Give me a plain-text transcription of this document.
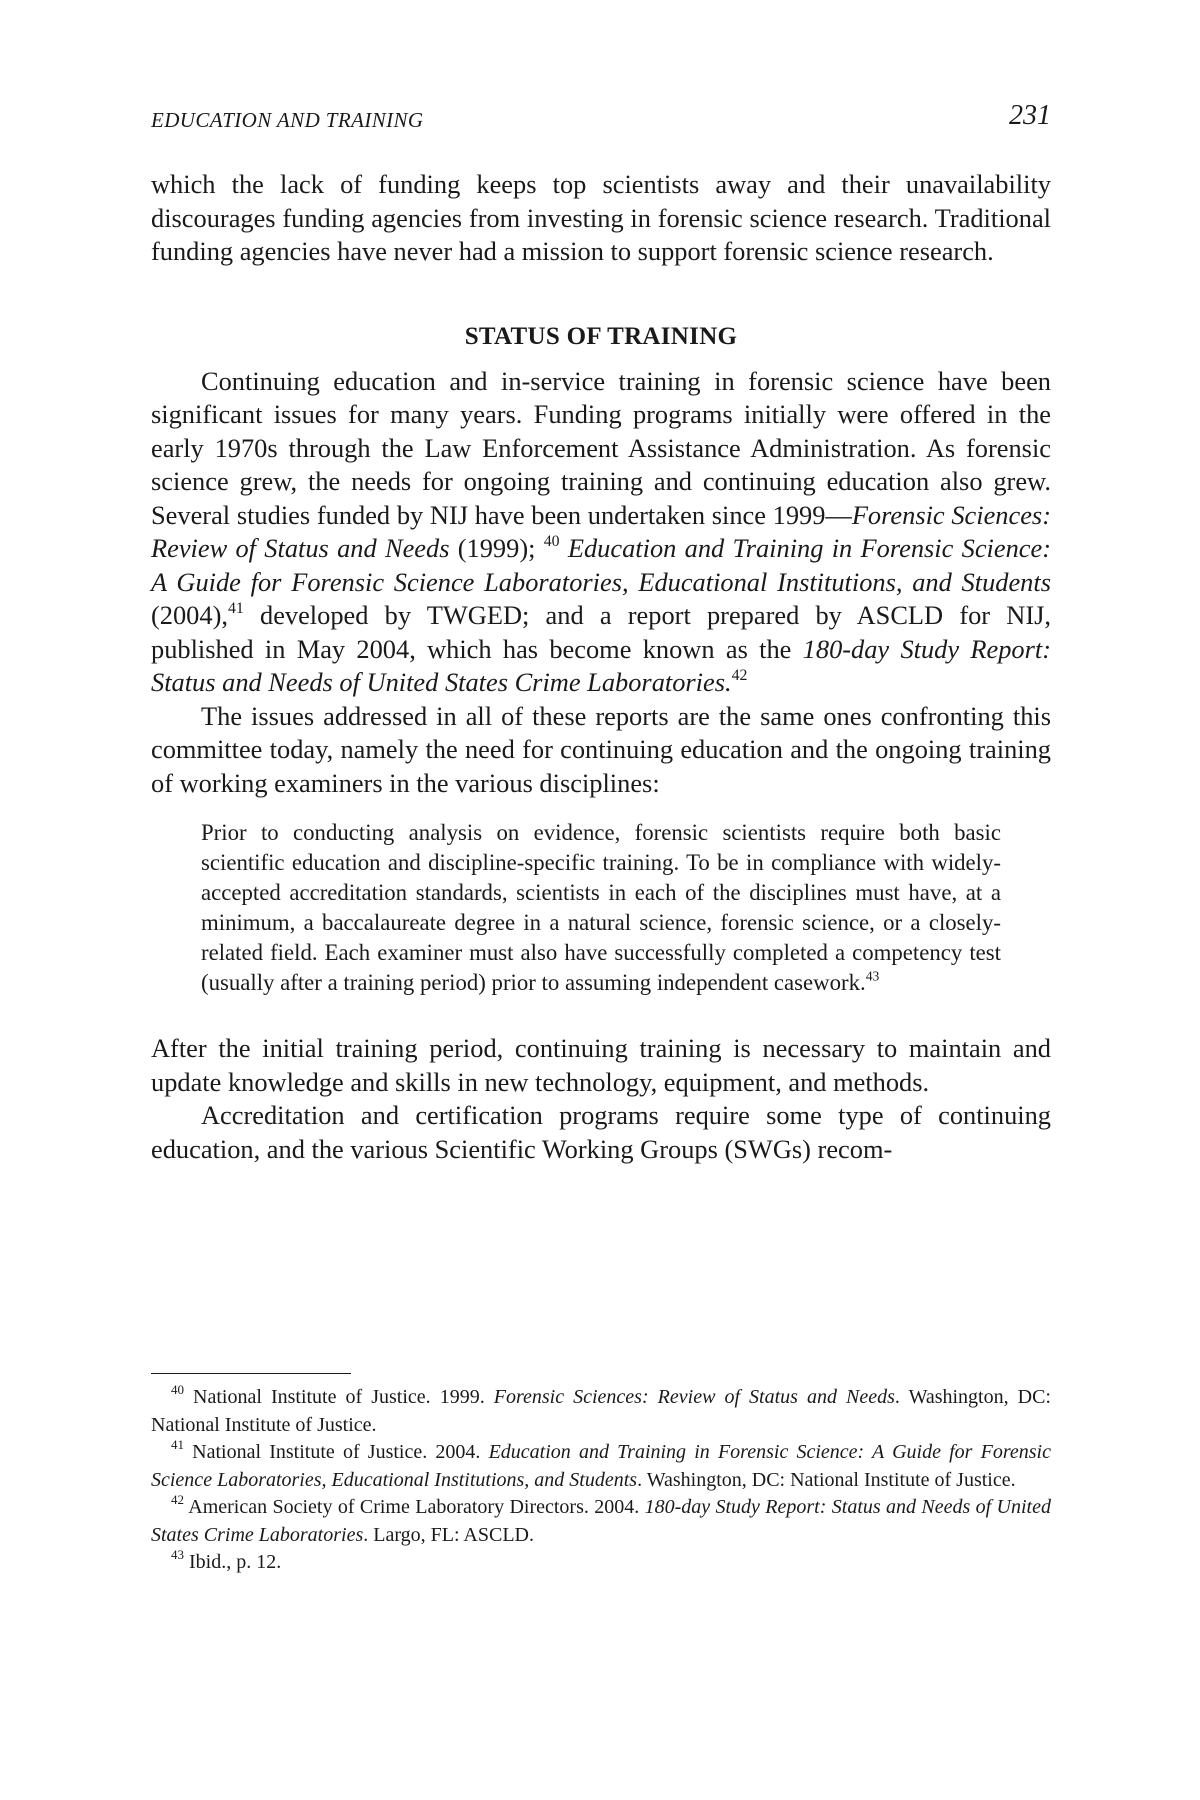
EDUCATION AND TRAINING	231

which the lack of funding keeps top scientists away and their unavailability discourages funding agencies from investing in forensic science research. Traditional funding agencies have never had a mission to support forensic science research.

STATUS OF TRAINING

Continuing education and in-service training in forensic science have been significant issues for many years. Funding programs initially were offered in the early 1970s through the Law Enforcement Assistance Administration. As forensic science grew, the needs for ongoing training and continuing education also grew. Several studies funded by NIJ have been undertaken since 1999—Forensic Sciences: Review of Status and Needs (1999); $^{40}$ Education and Training in Forensic Science: A Guide for Forensic Science Laboratories, Educational Institutions, and Students (2004),$^{41}$ developed by TWGED; and a report prepared by ASCLD for NIJ, published in May 2004, which has become known as the 180-day Study Report: Status and Needs of United States Crime Laboratories.$^{42}$

The issues addressed in all of these reports are the same ones confronting this committee today, namely the need for continuing education and the ongoing training of working examiners in the various disciplines:

Prior to conducting analysis on evidence, forensic scientists require both basic scientific education and discipline-specific training. To be in compliance with widely-accepted accreditation standards, scientists in each of the disciplines must have, at a minimum, a baccalaureate degree in a natural science, forensic science, or a closely-related field. Each examiner must also have successfully completed a competency test (usually after a training period) prior to assuming independent casework.$^{43}$

After the initial training period, continuing training is necessary to maintain and update knowledge and skills in new technology, equipment, and methods.

Accreditation and certification programs require some type of continuing education, and the various Scientific Working Groups (SWGs) recom-

$^{40}$ National Institute of Justice. 1999. Forensic Sciences: Review of Status and Needs. Washington, DC: National Institute of Justice.

$^{41}$ National Institute of Justice. 2004. Education and Training in Forensic Science: A Guide for Forensic Science Laboratories, Educational Institutions, and Students. Washington, DC: National Institute of Justice.

$^{42}$ American Society of Crime Laboratory Directors. 2004. 180-day Study Report: Status and Needs of United States Crime Laboratories. Largo, FL: ASCLD.

$^{43}$ Ibid., p. 12.
